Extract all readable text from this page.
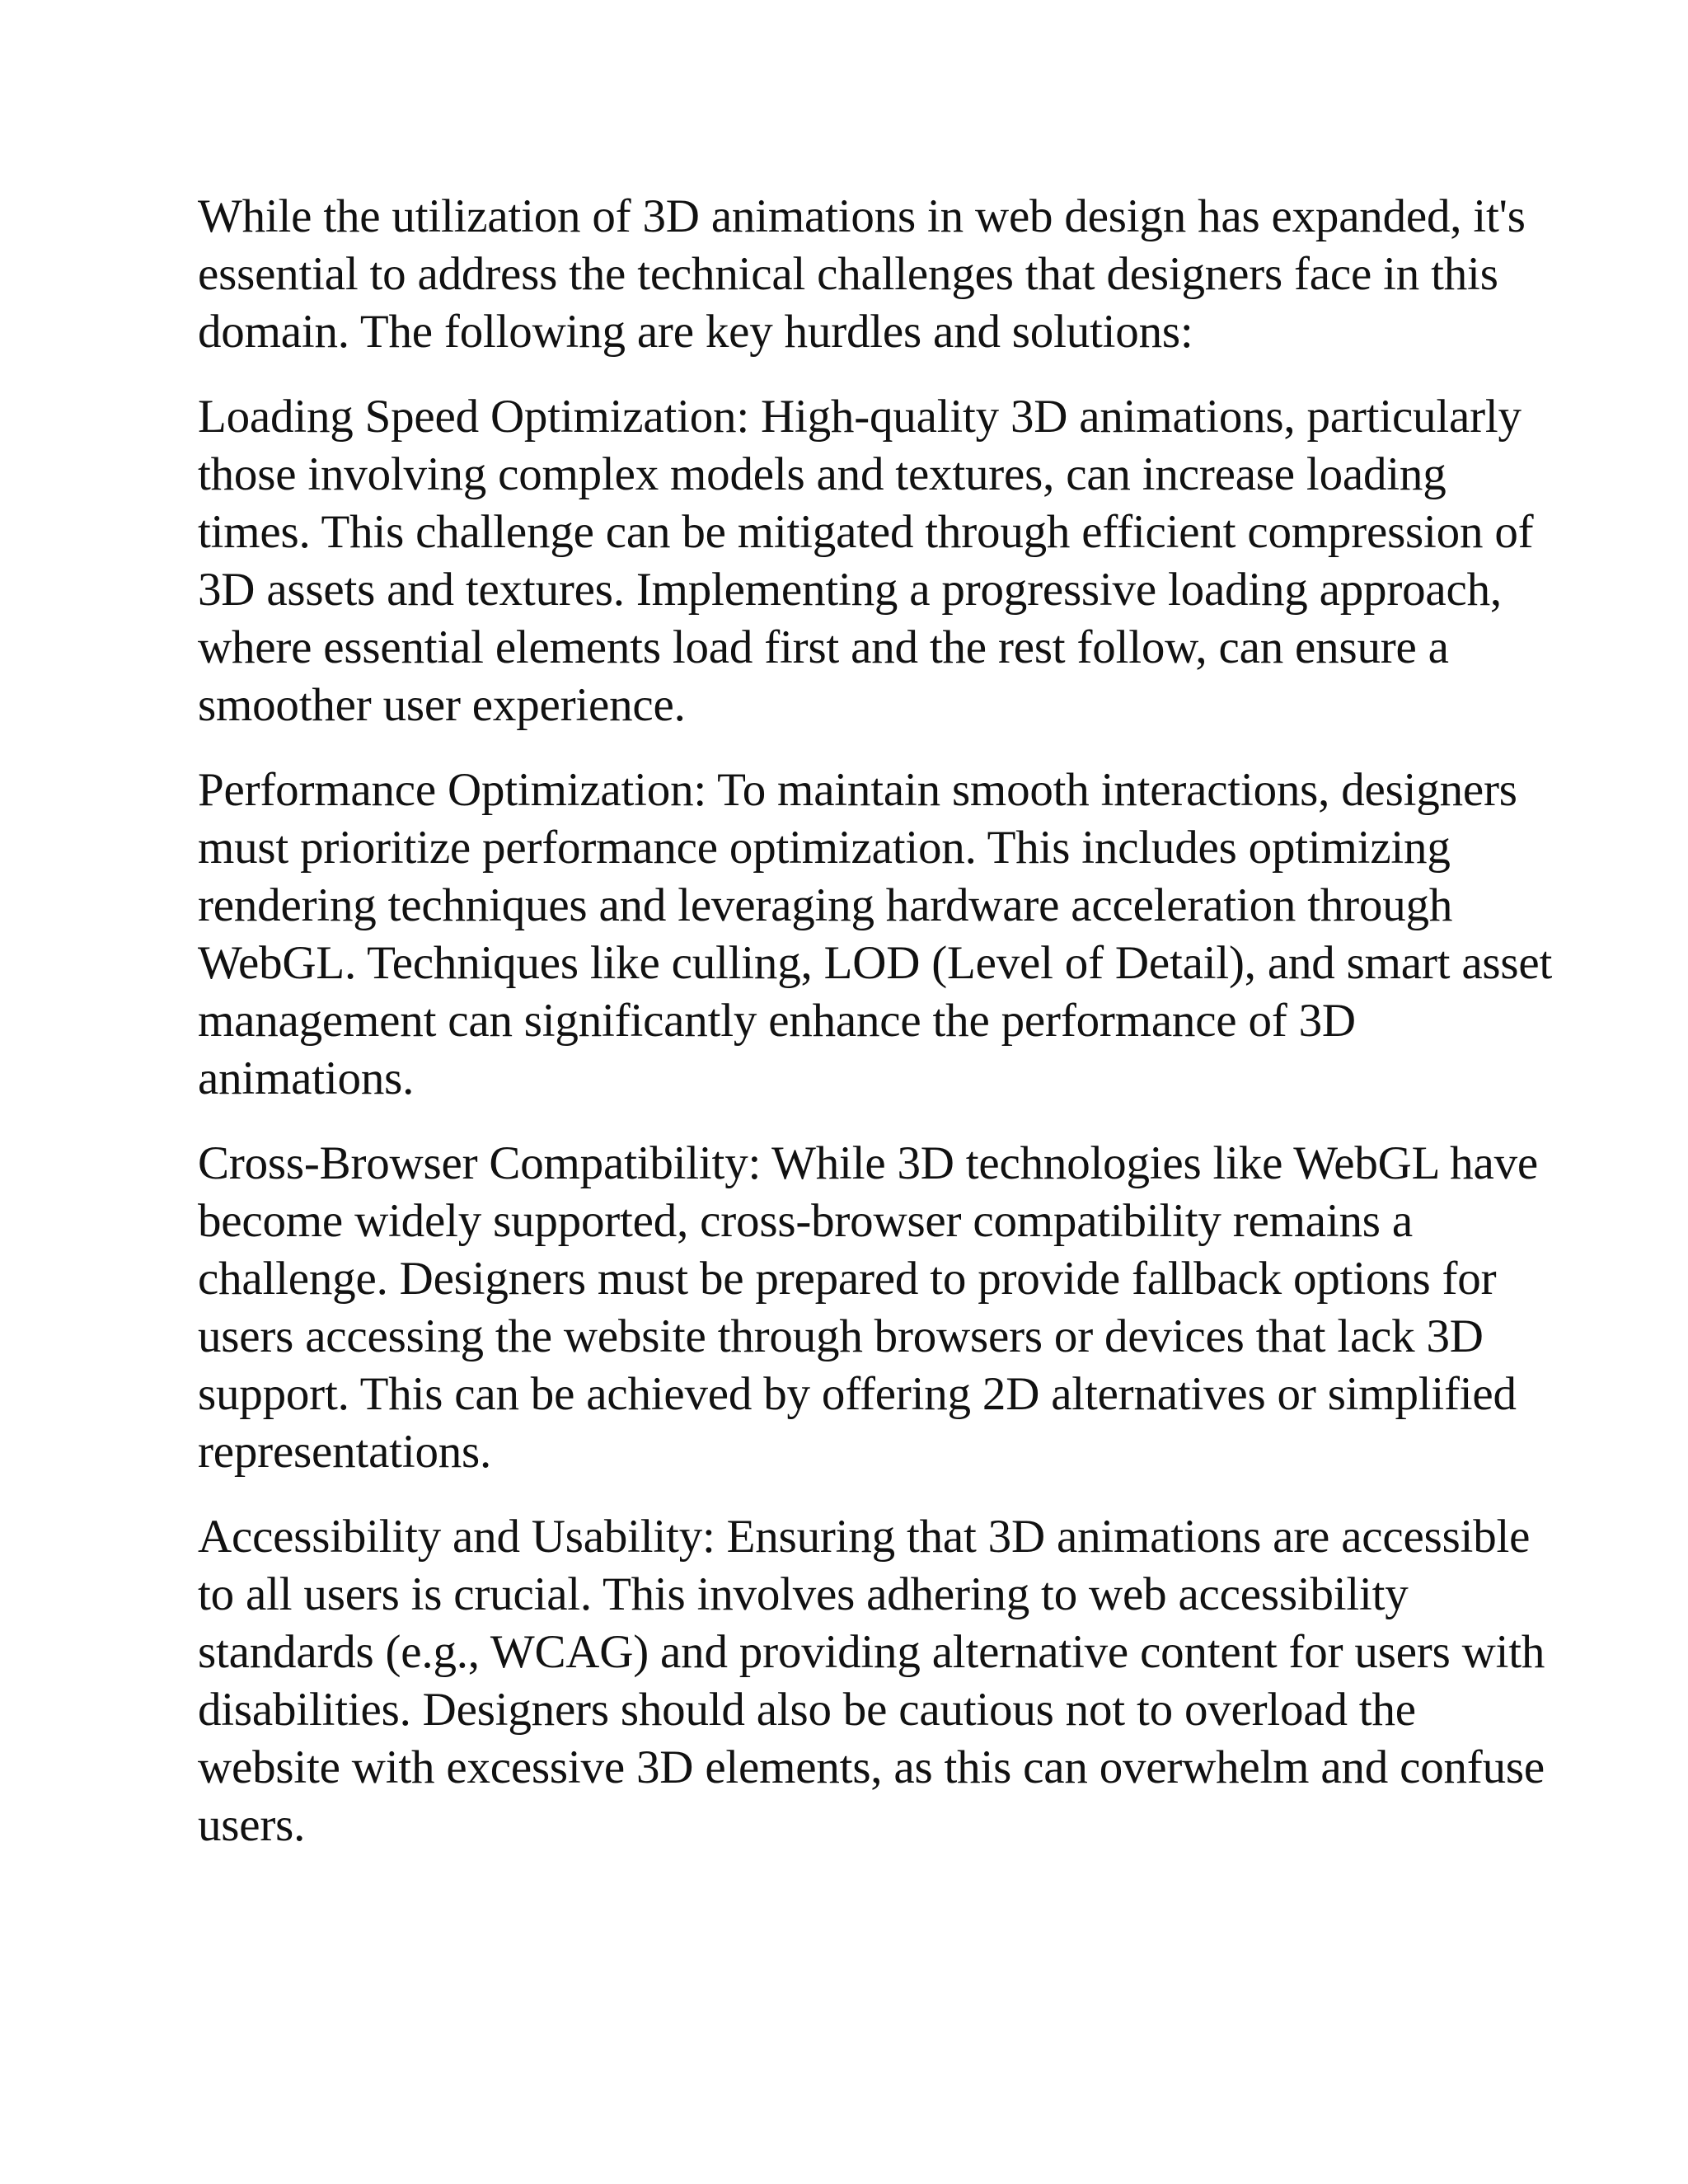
While the utilization of 3D animations in web design has expanded, it's
essential to address the technical challenges that designers face in this
domain. The following are key hurdles and solutions:

Loading Speed Optimization: High-quality 3D animations, particularly
those involving complex models and textures, can increase loading
times. This challenge can be mitigated through efficient compression of
3D assets and textures. Implementing a progressive loading approach,
where essential elements load first and the rest follow, can ensure a
smoother user experience.

Performance Optimization: To maintain smooth interactions, designers
must prioritize performance optimization. This includes optimizing
rendering techniques and leveraging hardware acceleration through
WebGL. Techniques like culling, LOD (Level of Detail), and smart asset
management can significantly enhance the performance of 3D
animations.

Cross-Browser Compatibility: While 3D technologies like WebGL have
become widely supported, cross-browser compatibility remains a
challenge. Designers must be prepared to provide fallback options for
users accessing the website through browsers or devices that lack 3D
support. This can be achieved by offering 2D alternatives or simplified
representations.

Accessibility and Usability: Ensuring that 3D animations are accessible
to all users is crucial. This involves adhering to web accessibility
standards (e.g., WCAG) and providing alternative content for users with
disabilities. Designers should also be cautious not to overload the
website with excessive 3D elements, as this can overwhelm and confuse
users.
